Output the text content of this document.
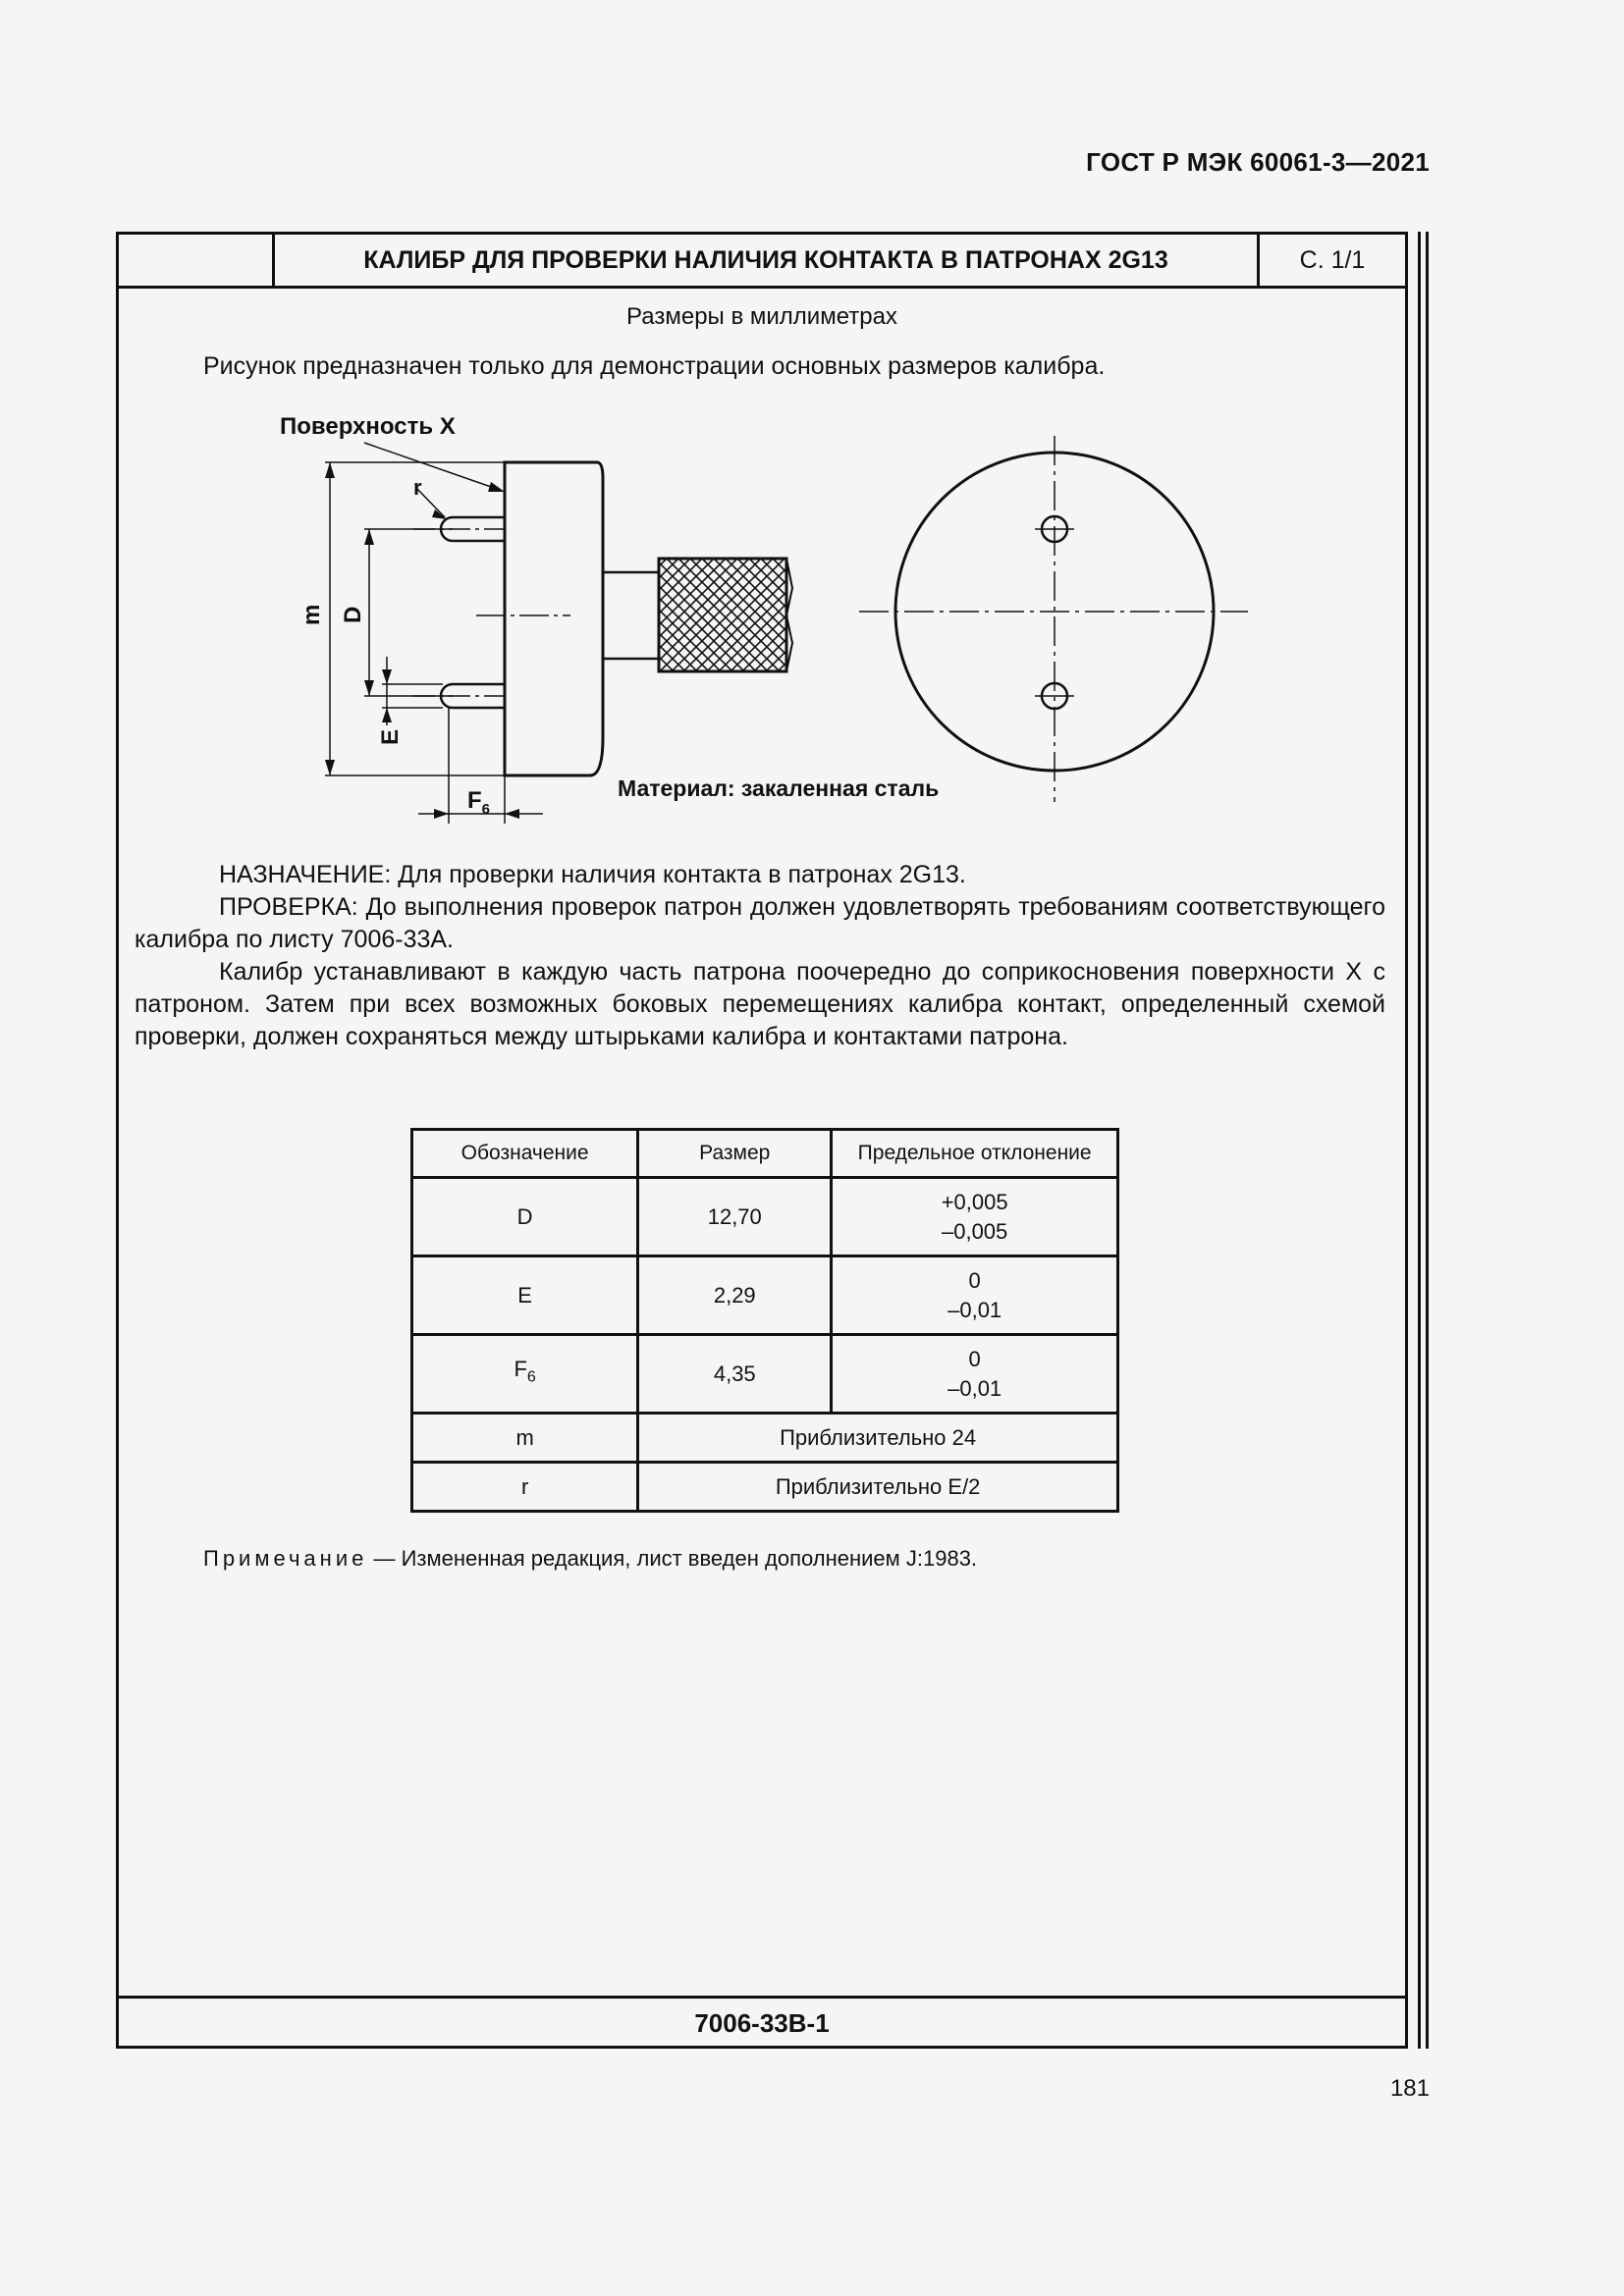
ГОСТ Р МЭК 60061-3—2021
КАЛИБР ДЛЯ ПРОВЕРКИ НАЛИЧИЯ КОНТАКТА В ПАТРОНАХ 2G13	С. 1/1
Размеры в миллиметрах
Рисунок предназначен только для демонстрации основных размеров калибра.
Поверхность X
r
m D
E
$F_6$
Материал: закаленная сталь

НАЗНАЧЕНИЕ: Для проверки наличия контакта в патронах 2G13.

ПРОВЕРКА: До выполнения проверок патрон должен удовлетворять требованиям соответствующего калибра по листу 7006-33А.

Калибр устанавливают в каждую часть патрона поочередно до соприкосновения поверхности X с патроном. Затем при всех возможных боковых перемещениях калибра контакт, определенный схемой проверки, должен сохраняться между штырьками калибра и контактами патрона.

Обозначение	Размер	Предельное отклонение
D	12,70	+0,005
–0,005

E	2,29	0
–0,01

$F_6$	4,35	0
–0,01

m	Приблизительно 24	
r	Приблизительно E/2	
Примечание — Измененная редакция, лист введен дополнением J:1983.
7006-33В-1
181
